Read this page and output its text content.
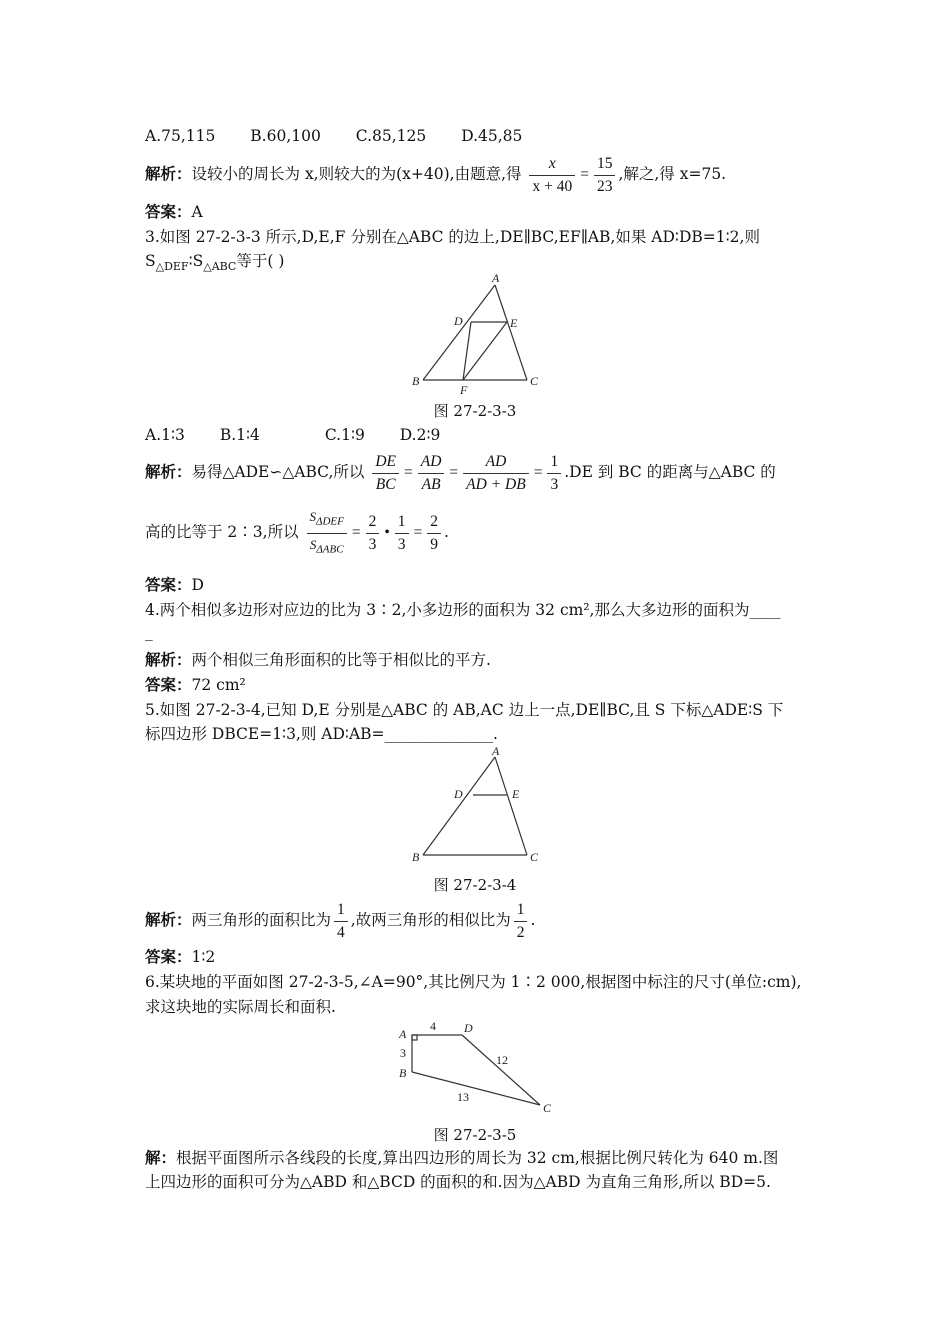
A.75,115 B.60,100 C.85,125 D.45,85
解析：设较小的周长为 x,则较大的为(x+40),由题意,得 $\frac{x}{x + 40} = \frac{15}{23}$ ,解之,得 x=75.
答案：A
3.如图 27-2-3-3 所示,D,E,F 分别在△ABC 的边上,DE∥BC,EF∥AB,如果 AD∶DB=1∶2,则
$S_{\triangle DEF}∶S_{\triangle ABC}$等于( )
A
D	E
B	C
F
图 27-2-3-3
A.1∶3 B.1∶4	C.1∶9 D.2∶9
解析：易得△ADE∽△ABC,所以 $\frac{DE}{BC} = \frac{AD}{AB} = \frac{AD}{AD + DB} = \frac{1}{3} .DE$ 到 BC 的距离与△ABC 的
高的比等于 2∶3,所以 $\frac{S_{\Delta DEF}}{S_{\Delta ABC}} = \frac{2}{3}$ • $\frac{1}{3} = \frac{2}{9}$ .
答案：D
4.两个相似多边形对应边的比为 3∶2,小多边形的面积为 32 cm²,那么大多边形的面积为____
_
解析：两个相似三角形面积的比等于相似比的平方.
答案：72 cm²
5.如图 27-2-3-4,已知 D,E 分别是△ABC 的 AB,AC 边上一点,DE∥BC,且 S 下标△ADE∶S 下
标四边形 DBCE=1∶3,则 AD∶AB=______________.
A
D	E
B	C
图 27-2-3-4
解析：两三角形的面积比为 $\frac{1}{4}$ ,故两三角形的相似比为 $\frac{1}{2}$ .
答案：1∶2
6.某块地的平面如图 27-2-3-5,∠A=90°,其比例尺为 1∶2 000,根据图中标注的尺寸(单位:cm),
求这块地的实际周长和面积.
A
4 D
3	12
B
13
C
图 27-2-3-5
解：根据平面图所示各线段的长度,算出四边形的周长为 32 cm,根据比例尺转化为 640 m.图
上四边形的面积可分为△ABD 和△BCD 的面积的和.因为△ABD 为直角三角形,所以 BD=5.
